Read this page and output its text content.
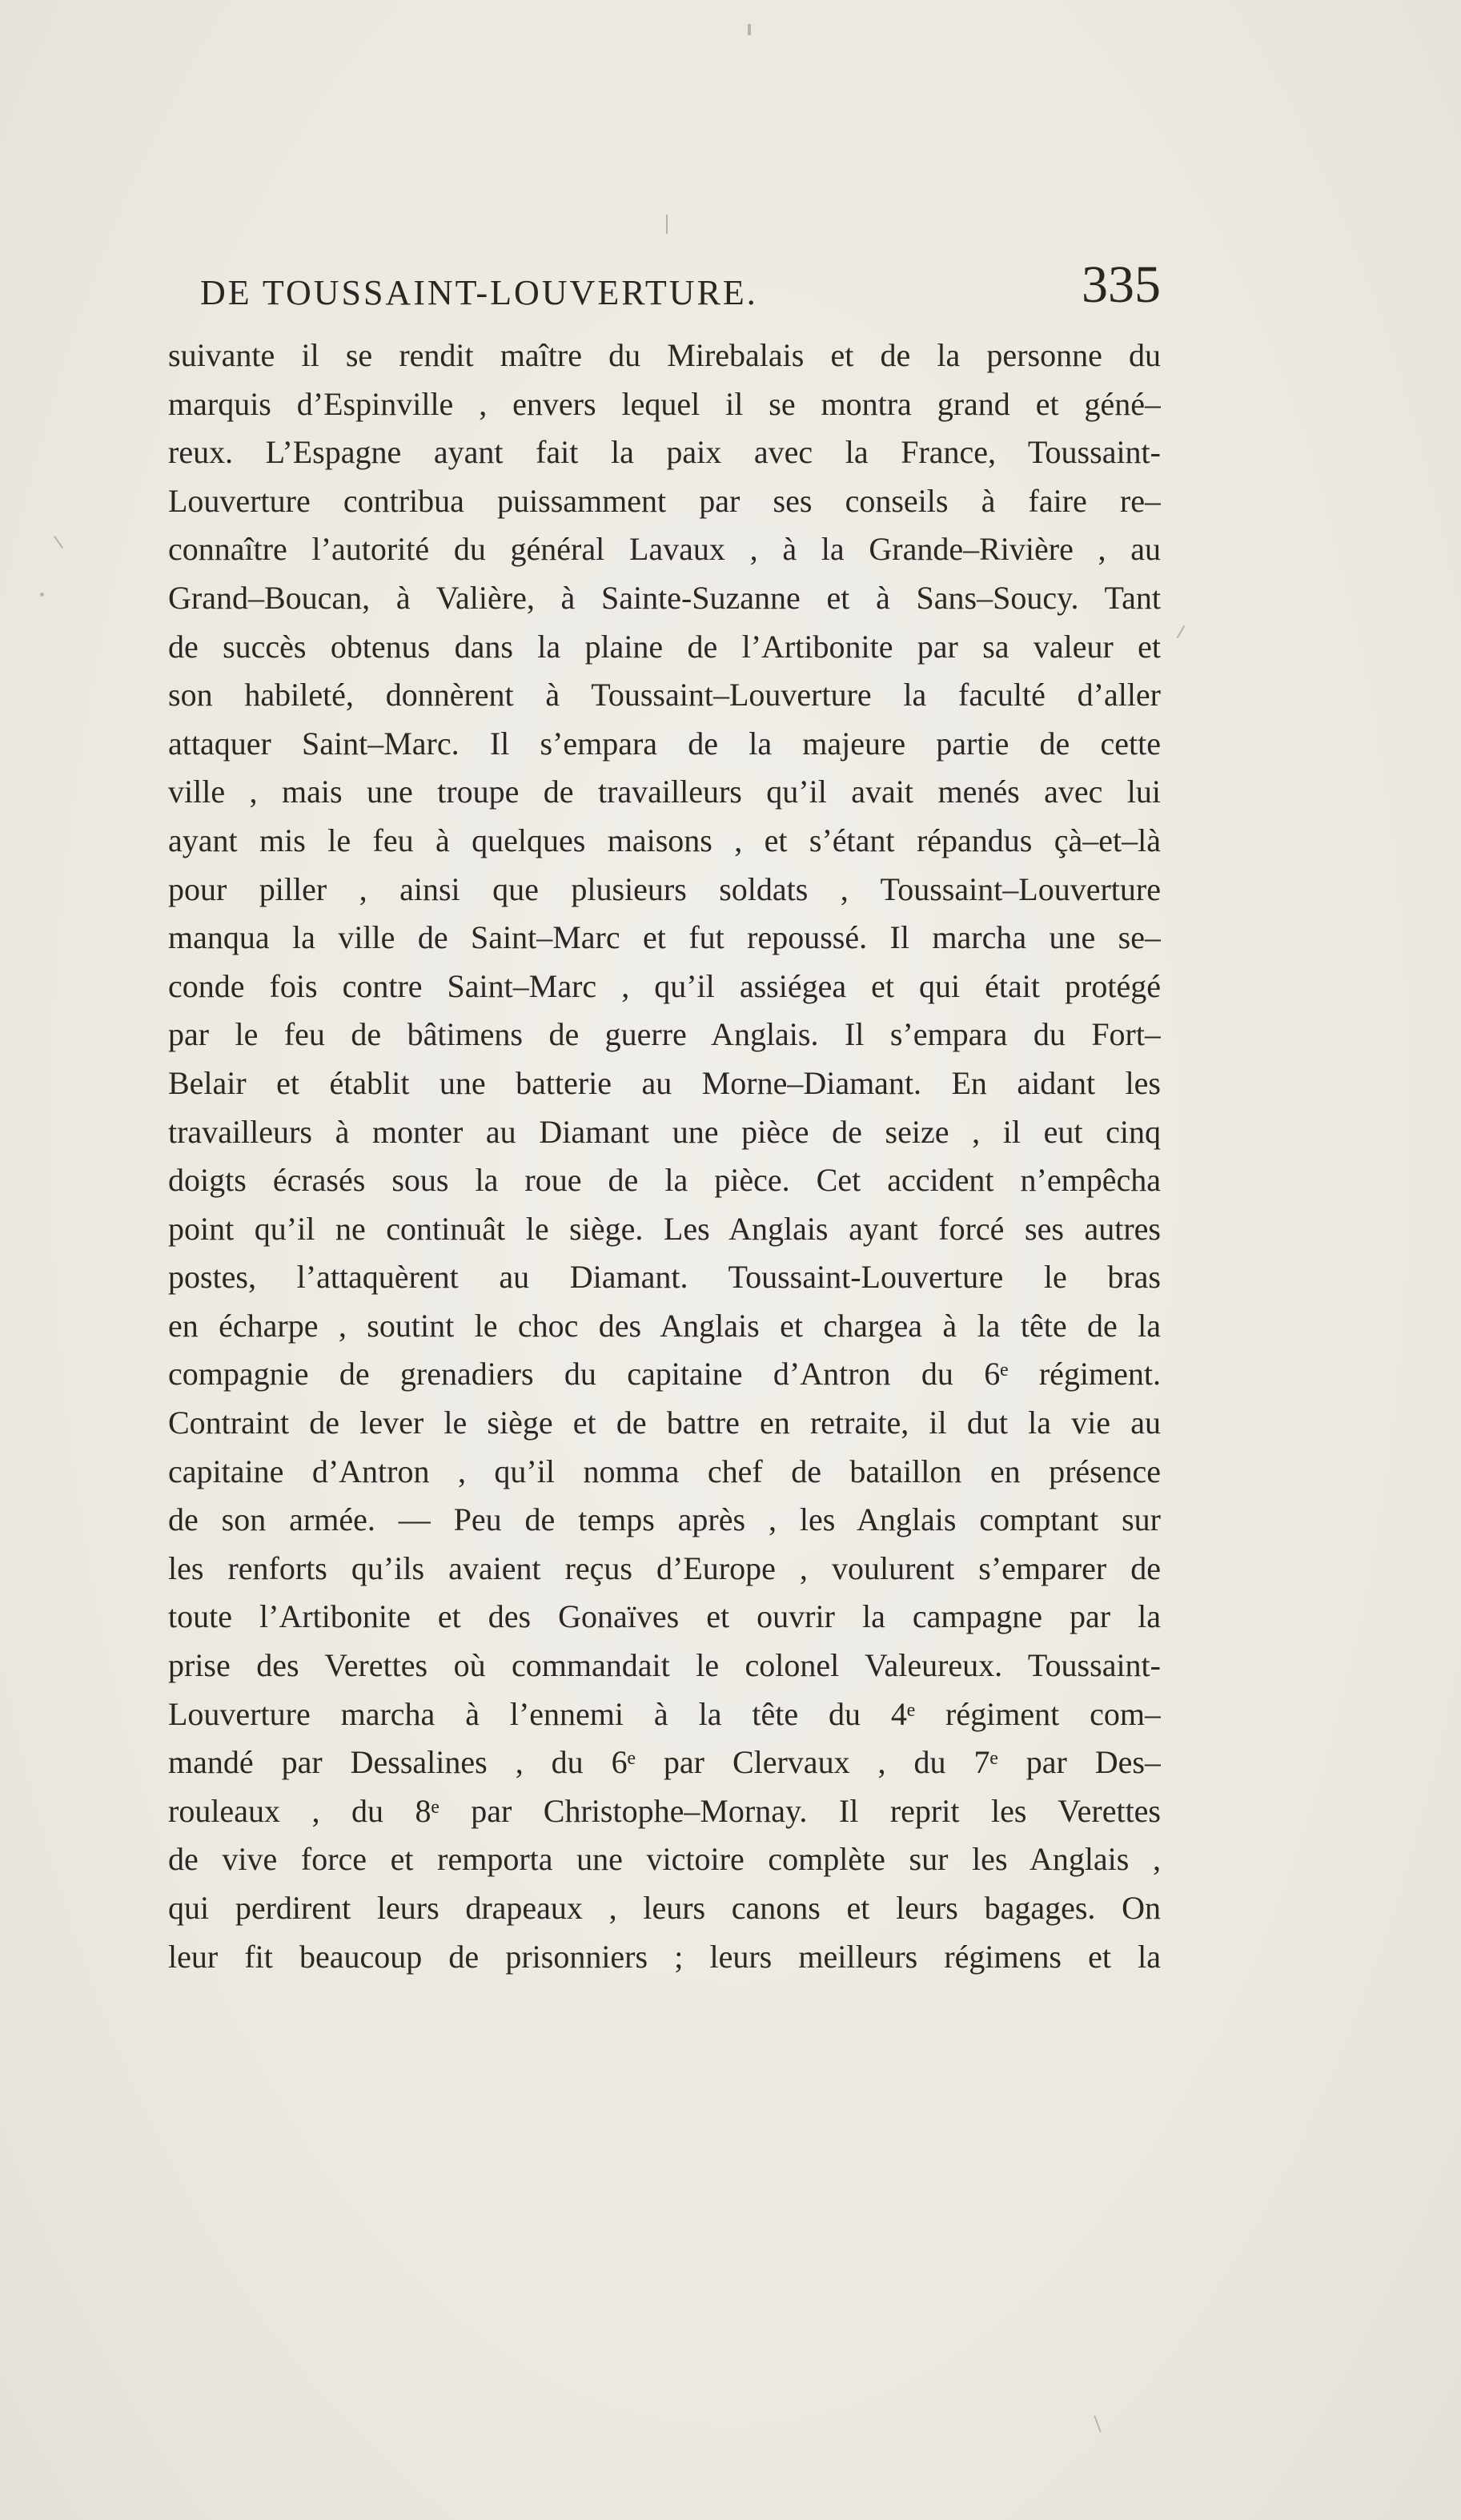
335
DE TOUSSAINT-LOUVERTURE.
suivante il se rendit maître du Mirebalais et de la personne du
marquis d’Espinville , envers lequel il se montra grand et géné–
reux. L’Espagne ayant fait la paix avec la France, Toussaint-
Louverture contribua puissamment par ses conseils à faire re–
connaître l’autorité du général Lavaux , à la Grande–Rivière , au
Grand–Boucan, à Valière, à Sainte-Suzanne et à Sans–Soucy. Tant
de succès obtenus dans la plaine de l’Artibonite par sa valeur et
son habileté, donnèrent à Toussaint–Louverture la faculté d’aller
attaquer Saint–Marc. Il s’empara de la majeure partie de cette
ville , mais une troupe de travailleurs qu’il avait menés avec lui
ayant mis le feu à quelques maisons , et s’étant répandus çà–et–là
pour piller , ainsi que plusieurs soldats , Toussaint–Louverture
manqua la ville de Saint–Marc et fut repoussé. Il marcha une se–
conde fois contre Saint–Marc , qu’il assiégea et qui était protégé
par le feu de bâtimens de guerre Anglais. Il s’empara du Fort–
Belair et établit une batterie au Morne–Diamant. En aidant les
travailleurs à monter au Diamant une pièce de seize , il eut cinq
doigts écrasés sous la roue de la pièce. Cet accident n’empêcha
point qu’il ne continuât le siège. Les Anglais ayant forcé ses autres
postes, l’attaquèrent au Diamant. Toussaint-Louverture le bras
en écharpe , soutint le choc des Anglais et chargea à la tête de la
compagnie de grenadiers du capitaine d’Antron du 6ᵉ régiment.
Contraint de lever le siège et de battre en retraite, il dut la vie au
capitaine d’Antron , qu’il nomma chef de bataillon en présence
de son armée. — Peu de temps après , les Anglais comptant sur
les renforts qu’ils avaient reçus d’Europe , voulurent s’emparer de
toute l’Artibonite et des Gonaïves et ouvrir la campagne par la
prise des Verettes où commandait le colonel Valeureux. Toussaint-
Louverture marcha à l’ennemi à la tête du 4ᵉ régiment com–
mandé par Dessalines , du 6ᵉ par Clervaux , du 7ᵉ par Des–
rouleaux , du 8ᵉ par Christophe–Mornay. Il reprit les Verettes
de vive force et remporta une victoire complète sur les Anglais ,
qui perdirent leurs drapeaux , leurs canons et leurs bagages. On
leur fit beaucoup de prisonniers ; leurs meilleurs régimens et la
